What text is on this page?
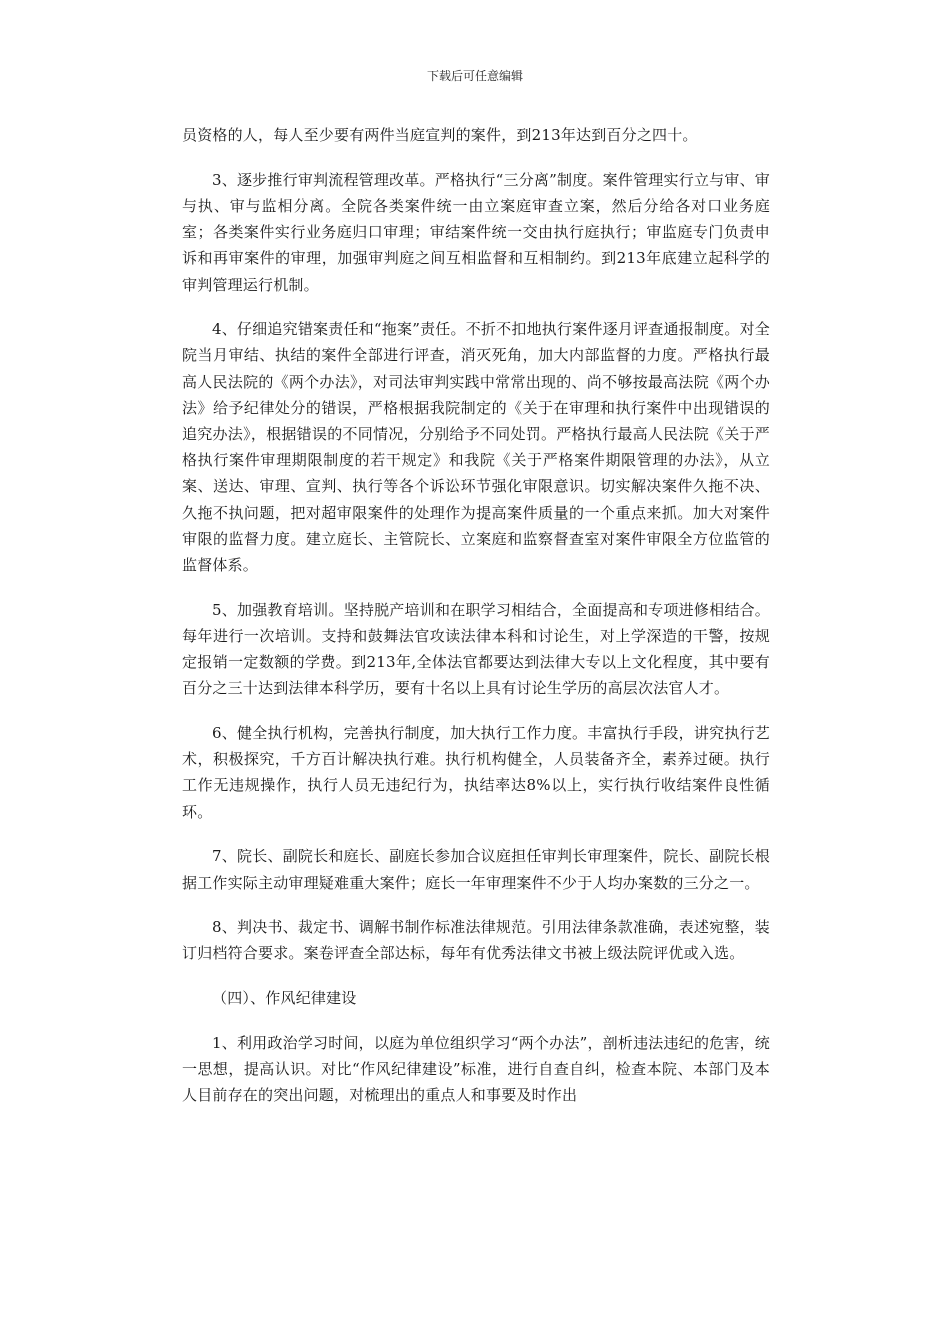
下载后可任意编辑

员资格的人，每人至少要有两件当庭宣判的案件，到213年达到百分之四十。

3、逐步推行审判流程管理改革。严格执行“三分离”制度。案件管理实行立与审、审与执、审与监相分离。全院各类案件统一由立案庭审查立案，然后分给各对口业务庭室；各类案件实行业务庭归口审理；审结案件统一交由执行庭执行；审监庭专门负责申诉和再审案件的审理，加强审判庭之间互相监督和互相制约。到213年底建立起科学的审判管理运行机制。

4、仔细追究错案责任和“拖案”责任。不折不扣地执行案件逐月评查通报制度。对全院当月审结、执结的案件全部进行评查，消灭死角，加大内部监督的力度。严格执行最高人民法院的《两个办法》，对司法审判实践中常常出现的、尚不够按最高法院《两个办法》给予纪律处分的错误，严格根据我院制定的《关于在审理和执行案件中出现错误的追究办法》，根据错误的不同情况，分别给予不同处罚。严格执行最高人民法院《关于严格执行案件审理期限制度的若干规定》和我院《关于严格案件期限管理的办法》，从立案、送达、审理、宣判、执行等各个诉讼环节强化审限意识。切实解决案件久拖不决、久拖不执问题，把对超审限案件的处理作为提高案件质量的一个重点来抓。加大对案件审限的监督力度。建立庭长、主管院长、立案庭和监察督查室对案件审限全方位监管的监督体系。

5、加强教育培训。坚持脱产培训和在职学习相结合，全面提高和专项进修相结合。每年进行一次培训。支持和鼓舞法官攻读法律本科和讨论生，对上学深造的干警，按规定报销一定数额的学费。到213年,全体法官都要达到法律大专以上文化程度，其中要有百分之三十达到法律本科学历，要有十名以上具有讨论生学历的高层次法官人才。

6、健全执行机构，完善执行制度，加大执行工作力度。丰富执行手段，讲究执行艺术，积极探究，千方百计解决执行难。执行机构健全，人员装备齐全，素养过硬。执行工作无违规操作，执行人员无违纪行为，执结率达8%以上，实行执行收结案件良性循环。

7、院长、副院长和庭长、副庭长参加合议庭担任审判长审理案件，院长、副院长根据工作实际主动审理疑难重大案件；庭长一年审理案件不少于人均办案数的三分之一。

8、判决书、裁定书、调解书制作标准法律规范。引用法律条款准确，表述宛整，装订归档符合要求。案卷评查全部达标，每年有优秀法律文书被上级法院评优或入选。

（四）、作风纪律建设

1、利用政治学习时间，以庭为单位组织学习“两个办法”，剖析违法违纪的危害，统一思想，提高认识。对比“作风纪律建设”标准，进行自查自纠，检查本院、本部门及本人目前存在的突出问题，对梳理出的重点人和事要及时作出
